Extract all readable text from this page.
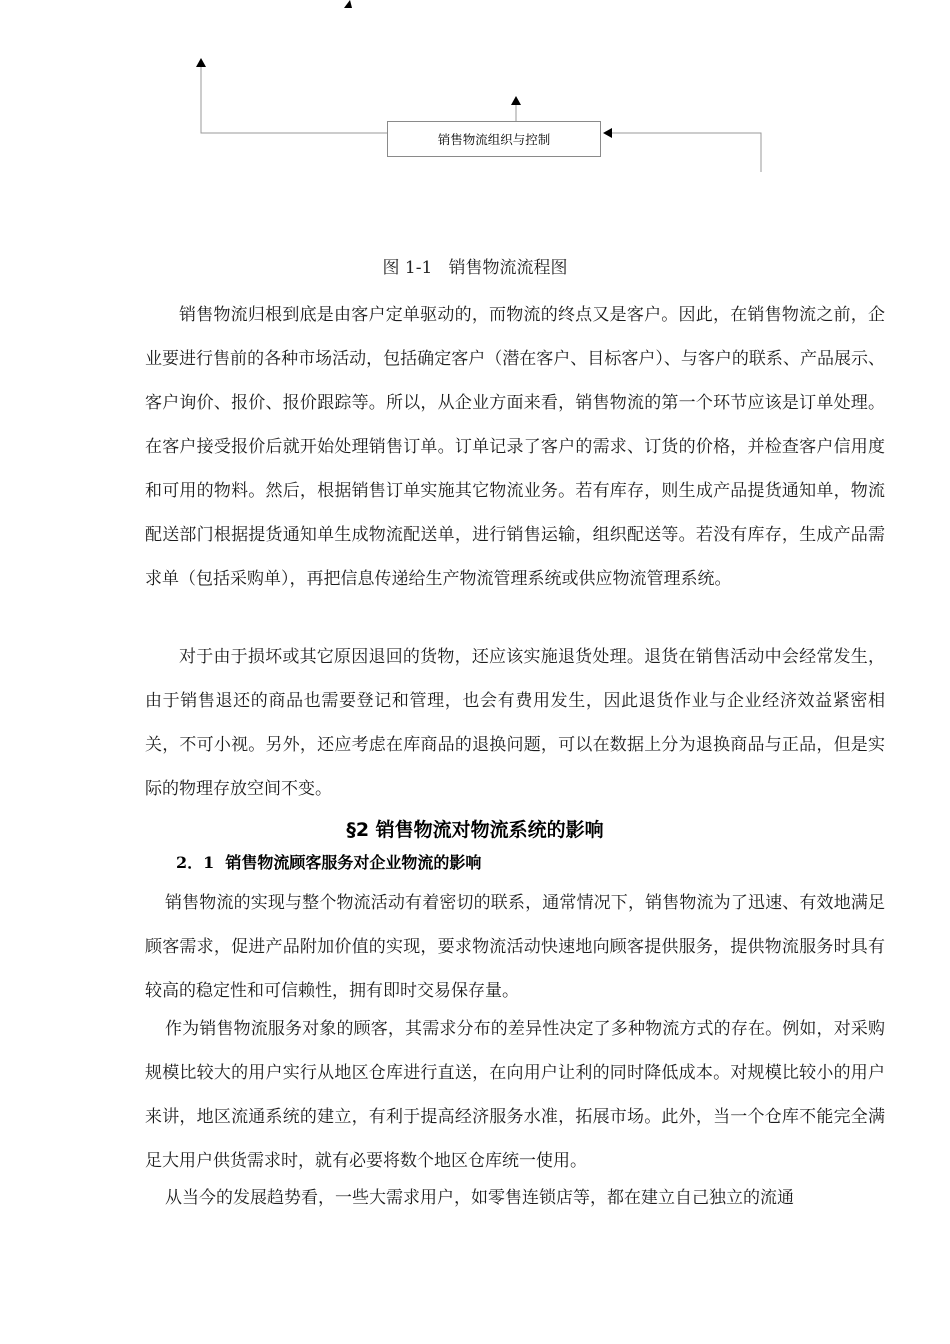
销售物流组织与控制
图 1-1   销售物流流程图

销售物流归根到底是由客户定单驱动的，而物流的终点又是客户。因此，在销售物流之前，企业要进行售前的各种市场活动，包括确定客户（潜在客户、目标客户）、与客户的联系、产品展示、客户询价、报价、报价跟踪等。所以，从企业方面来看，销售物流的第一个环节应该是订单处理。在客户接受报价后就开始处理销售订单。订单记录了客户的需求、订货的价格，并检查客户信用度和可用的物料。然后，根据销售订单实施其它物流业务。若有库存，则生成产品提货通知单，物流配送部门根据提货通知单生成物流配送单，进行销售运输，组织配送等。若没有库存，生成产品需求单（包括采购单），再把信息传递给生产物流管理系统或供应物流管理系统。

对于由于损坏或其它原因退回的货物，还应该实施退货处理。退货在销售活动中会经常发生，由于销售退还的商品也需要登记和管理，也会有费用发生，因此退货作业与企业经济效益紧密相关，不可小视。另外，还应考虑在库商品的退换问题，可以在数据上分为退换商品与正品，但是实际的物理存放空间不变。

§2 销售物流对物流系统的影响
2．1  销售物流顾客服务对企业物流的影响

销售物流的实现与整个物流活动有着密切的联系，通常情况下，销售物流为了迅速、有效地满足顾客需求，促进产品附加价值的实现，要求物流活动快速地向顾客提供服务，提供物流服务时具有较高的稳定性和可信赖性，拥有即时交易保存量。

作为销售物流服务对象的顾客，其需求分布的差异性决定了多种物流方式的存在。例如，对采购规模比较大的用户实行从地区仓库进行直送，在向用户让利的同时降低成本。对规模比较小的用户来讲，地区流通系统的建立，有利于提高经济服务水准，拓展市场。此外，当一个仓库不能完全满足大用户供货需求时，就有必要将数个地区仓库统一使用。

从当今的发展趋势看，一些大需求用户，如零售连锁店等，都在建立自己独立的流通
